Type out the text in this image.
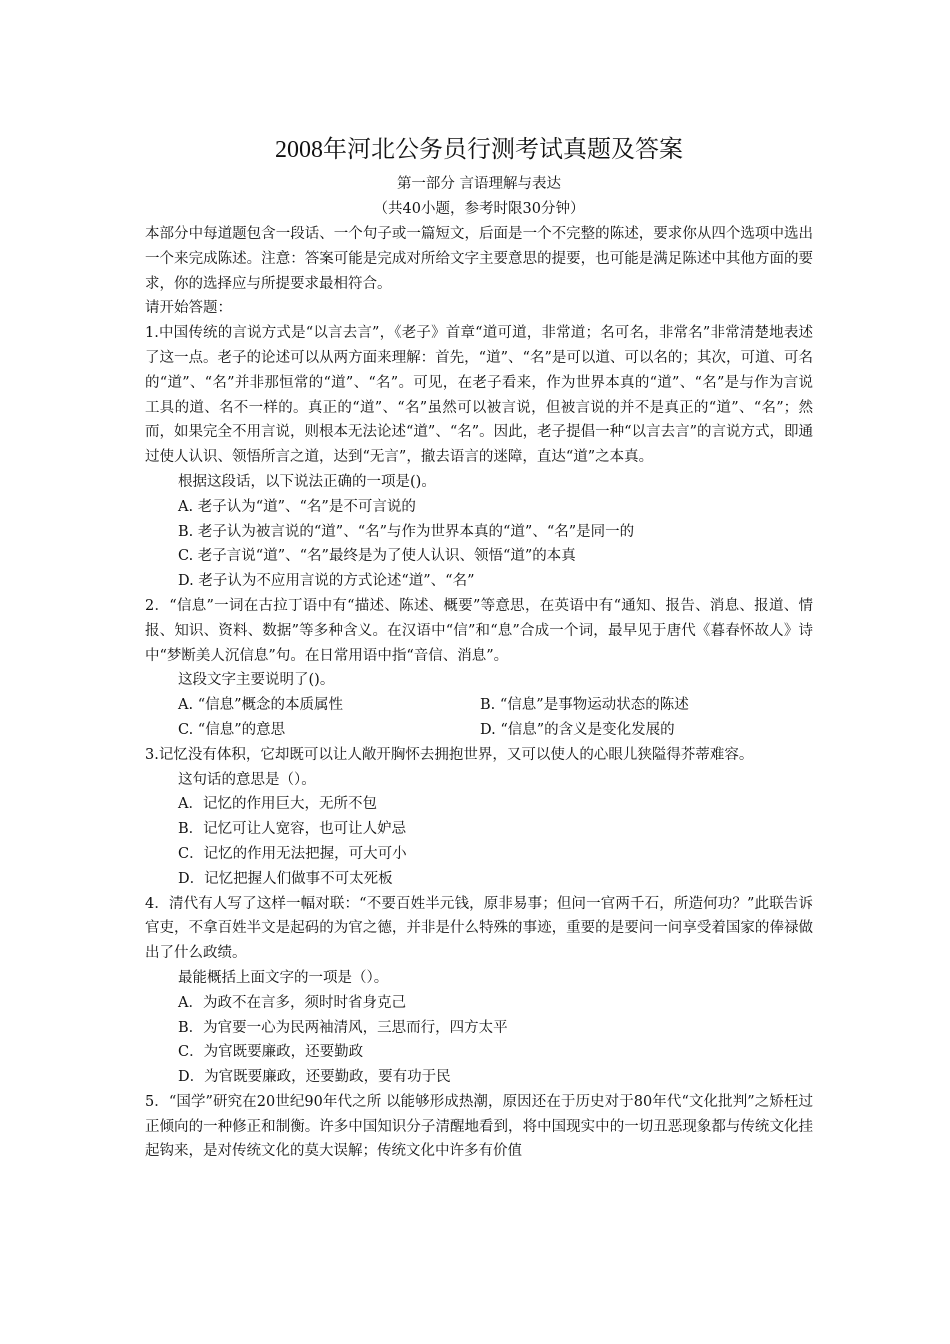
2008年河北公务员行测考试真题及答案
第一部分 言语理解与表达
（共40小题，参考时限30分钟）

本部分中每道题包含一段话、一个句子或一篇短文，后面是一个不完整的陈述，要求你从四个选项中选出一个来完成陈述。注意：答案可能是完成对所给文字主要意思的提要，也可能是满足陈述中其他方面的要求，你的选择应与所提要求最相符合。

请开始答题：

1.中国传统的言说方式是“以言去言”，《老子》首章“道可道，非常道；名可名，非常名”非常清楚地表述了这一点。老子的论述可以从两方面来理解：首先，“道”、“名”是可以道、可以名的；其次，可道、可名的“道”、“名”并非那恒常的“道”、“名”。可见，在老子看来，作为世界本真的“道”、“名”是与作为言说工具的道、名不一样的。真正的“道”、“名”虽然可以被言说，但被言说的并不是真正的“道”、“名”；然而，如果完全不用言说，则根本无法论述“道”、“名”。因此，老子提倡一种“以言去言”的言说方式，即通过使人认识、领悟所言之道，达到“无言”，撤去语言的迷障，直达“道”之本真。

根据这段话，以下说法正确的一项是()。

A. 老子认为“道”、“名”是不可言说的

B. 老子认为被言说的“道”、“名”与作为世界本真的“道”、“名”是同一的

C. 老子言说“道”、“名”最终是为了使人认识、领悟“道”的本真

D. 老子认为不应用言说的方式论述“道”、“名”

2．“信息”一词在古拉丁语中有“描述、陈述、概要”等意思，在英语中有“通知、报告、消息、报道、情报、知识、资料、数据”等多种含义。在汉语中“信”和“息”合成一个词，最早见于唐代《暮春怀故人》诗中“梦断美人沉信息”句。在日常用语中指“音信、消息”。

这段文字主要说明了()。

A. “信息”概念的本质属性	B. “信息”是事物运动状态的陈述
C. “信息”的意思	D. “信息”的含义是变化发展的

3.记忆没有体积，它却既可以让人敞开胸怀去拥抱世界，又可以使人的心眼儿狭隘得芥蒂难容。

这句话的意思是（）。

A．记忆的作用巨大，无所不包

B．记忆可让人宽容，也可让人妒忌

C．记忆的作用无法把握，可大可小

D．记忆把握人们做事不可太死板

4．清代有人写了这样一幅对联：“不要百姓半元钱，原非易事；但问一官两千石，所造何功？”此联告诉官吏，不拿百姓半文是起码的为官之德，并非是什么特殊的事迹，重要的是要问一问享受着国家的俸禄做出了什么政绩。

最能概括上面文字的一项是（）。

A．为政不在言多，须时时省身克己

B．为官要一心为民两袖清风，三思而行，四方太平

C．为官既要廉政，还要勤政

D．为官既要廉政，还要勤政，要有功于民

5．“国学”研究在20世纪90年代之所 以能够形成热潮，原因还在于历史对于80年代“文化批判”之矫枉过正倾向的一种修正和制衡。许多中国知识分子清醒地看到，将中国现实中的一切丑恶现象都与传统文化挂起钩来，是对传统文化的莫大误解；传统文化中许多有价值
